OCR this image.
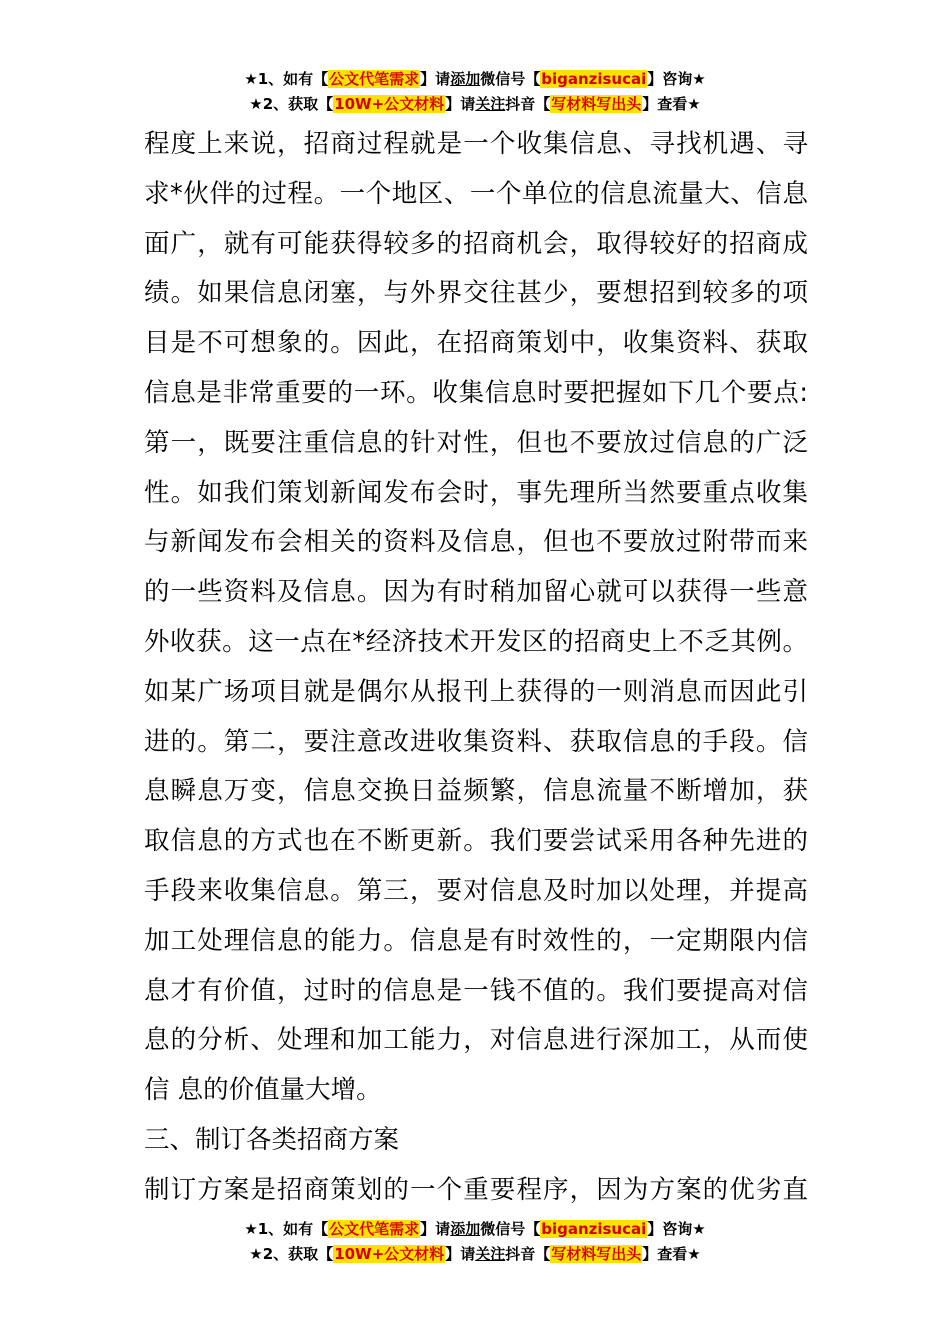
★1、如有【公文代笔需求】请添加微信号【biganzisucai】咨询★
★2、获取【10W+公文材料】请关注抖音【写材料写出头】查看★
程度上来说，招商过程就是一个收集信息、寻找机遇、寻
求*伙伴的过程。一个地区、一个单位的信息流量大、信息
面广，就有可能获得较多的招商机会，取得较好的招商成
绩。如果信息闭塞，与外界交往甚少，要想招到较多的项
目是不可想象的。因此，在招商策划中，收集资料、获取
信息是非常重要的一环。收集信息时要把握如下几个要点:
第一，既要注重信息的针对性，但也不要放过信息的广泛
性。如我们策划新闻发布会时，事先理所当然要重点收集
与新闻发布会相关的资料及信息，但也不要放过附带而来
的一些资料及信息。因为有时稍加留心就可以获得一些意
外收获。这一点在*经济技术开发区的招商史上不乏其例。
如某广场项目就是偶尔从报刊上获得的一则消息而因此引
进的。第二，要注意改进收集资料、获取信息的手段。信
息瞬息万变，信息交换日益频繁，信息流量不断增加，获
取信息的方式也在不断更新。我们要尝试采用各种先进的
手段来收集信息。第三，要对信息及时加以处理，并提高
加工处理信息的能力。信息是有时效性的，一定期限内信
息才有价值，过时的信息是一钱不值的。我们要提高对信
息的分析、处理和加工能力，对信息进行深加工，从而使
信 息的价值量大增。
三、制订各类招商方案
制订方案是招商策划的一个重要程序，因为方案的优劣直
★1、如有【公文代笔需求】请添加微信号【biganzisucai】咨询★
★2、获取【10W+公文材料】请关注抖音【写材料写出头】查看★
